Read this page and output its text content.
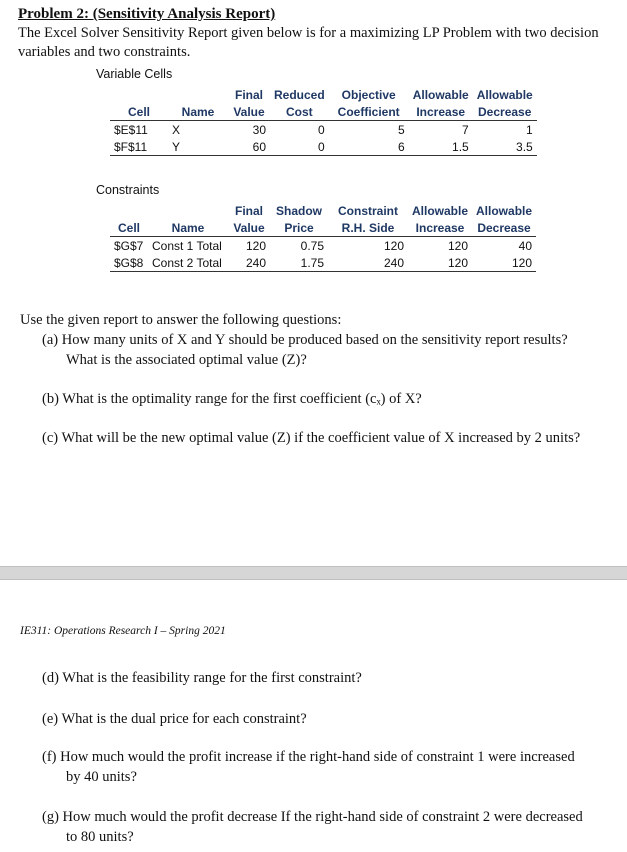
Problem 2: (Sensitivity Analysis Report)
The Excel Solver Sensitivity Report given below is for a maximizing LP Problem with two decision variables and two constraints.
Variable Cells
		Final	Reduced	Objective	Allowable	Allowable
Cell	Name	Value	Cost	Coefficient	Increase	Decrease
$E$11	X	30	0	5	7	1
$F$11	Y	60	0	6	1.5	3.5
Constraints
		Final	Shadow	Constraint	Allowable	Allowable
Cell	Name	Value	Price	R.H. Side	Increase	Decrease
$G$7	Const 1 Total	120	0.75	120	120	40
$G$8	Const 2 Total	240	1.75	240	120	120
Use the given report to answer the following questions:
(a) How many units of X and Y should be produced based on the sensitivity report results?
What is the associated optimal value (Z)?
(b) What is the optimality range for the first coefficient (cₓ) of X?
(c) What will be the new optimal value (Z) if the coefficient value of X increased by 2 units?
IE311: Operations Research I – Spring 2021
(d) What is the feasibility range for the first constraint?
(e) What is the dual price for each constraint?
(f) How much would the profit increase if the right-hand side of constraint 1 were increased
by 40 units?
(g) How much would the profit decrease If the right-hand side of constraint 2 were decreased
to 80 units?
